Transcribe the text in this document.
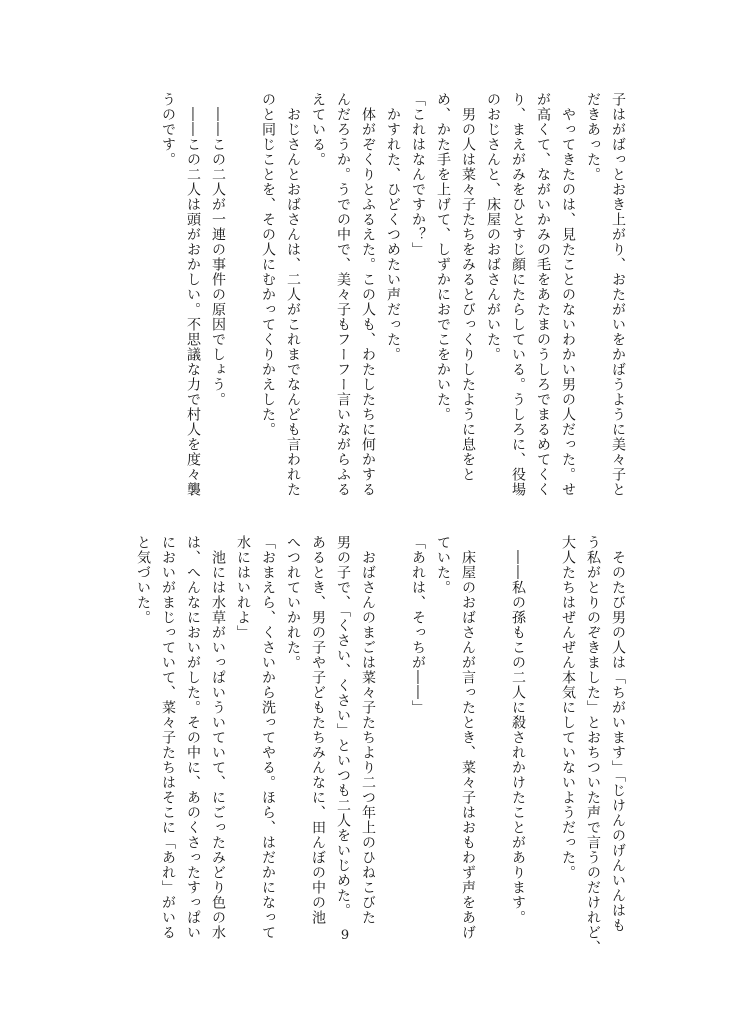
子はがばっとおき上がり、おたがいをかばうように美々子と
だきあった。
　やってきたのは、見たことのないわかい男の人だった。せ
が高くて、ながいかみの毛をあたまのうしろでまるめてくく
り、まえがみをひとすじ顔にたらしている。うしろに、役場
のおじさんと、床屋のおばさんがいた。
　男の人は菜々子たちをみるとびっくりしたように息をと
め、かた手を上げて、しずかにおでこをかいた。
「これはなんですか？」
　かすれた、ひどくつめたい声だった。
　体がぞくりとふるえた。この人も、わたしたちに何かする
んだろうか。うでの中で、美々子もフーフー言いながらふる
えている。
　おじさんとおばさんは、二人がこれまでなんども言われた
のと同じことを、その人にむかってくりかえした。

　――この二人が一連の事件の原因でしょう。
　――この二人は頭がおかしい。不思議な力で村人を度々襲
うのです。
　そのたび男の人は「ちがいます」「じけんのげんいんはも
う私がとりのぞきました」とおちついた声で言うのだけれど、
大人たちはぜんぜん本気にしていないようだった。

　――私の孫もこの二人に殺されかけたことがあります。

　床屋のおばさんが言ったとき、菜々子はおもわず声をあげ
ていた。
「あれは、そっちが――」

　おばさんのまごは菜々子たちより二つ年上のひねこびた
男の子で、「くさい、くさい」といつも二人をいじめた。
あるとき、男の子や子どもたちみんなに、田んぼの中の池
へつれていかれた。
「おまえら、くさいから洗ってやる。ほら、はだかになって
水にはいれよ」
　池には水草がいっぱいういていて、にごったみどり色の水
は、へんなにおいがした。その中に、あのくさったすっぱい
においがまじっていて、菜々子たちはそこに「あれ」がいる
と気づいた。
9
